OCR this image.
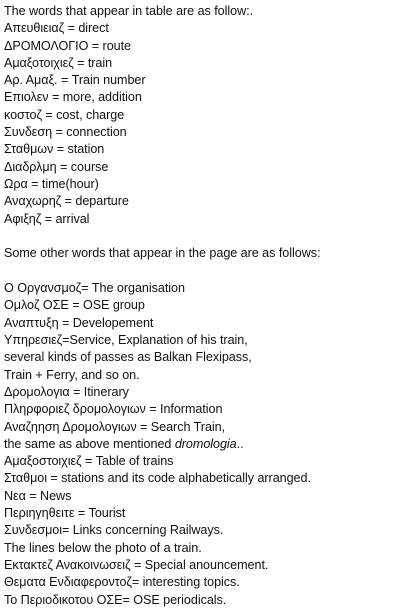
The words that appear in table are as follow:.

Απευθιειαζ = direct

ΔΡΟΜΟΛΟΓΙΟ = route

Αμαξοτοιχιεζ = train

Αρ. Αμαξ. = Train number

Επιολεν = more, addition

κοστοζ = cost, charge

Συνδεση = connection

Σταθμων = station

Διαδρλμη = course

Ωρα = time(hour)

Αναχωρηζ = departure

Αφιξηζ = arrival

Some other words that appear in the page are as follows:

Ο Οργανσμοζ= The organisation

Ομλοζ ΟΣΕ = OSE group

Αναπτυξη = Developement

Υπηρεσιεζ=Service, Explanation of his train,

several kinds of passes as Balkan Flexipass,

Train + Ferry, and so on.

Δρομολογια = Itinerary

Πληρφοριεζ δρομολογιων = Information

Αναζηηση Δρομολογιων = Search Train,

the same as above mentioned dromologia..

Αμαξοστοιχιεζ = Table of trains

Σταθμοι = stations and its code alphabetically arranged.

Νεα = News

Περιηγηθειτε = Tourist

Συνδεσμοι= Links concerning Railways.

The lines below the photo of a train.

Εκτακτεζ Ανακοινωσειζ = Special anouncement.

Θεματα Ενδιαφεροντοζ= interesting topics.

Το Περιοδικοτου ΟΣΕ= OSE periodicals.
